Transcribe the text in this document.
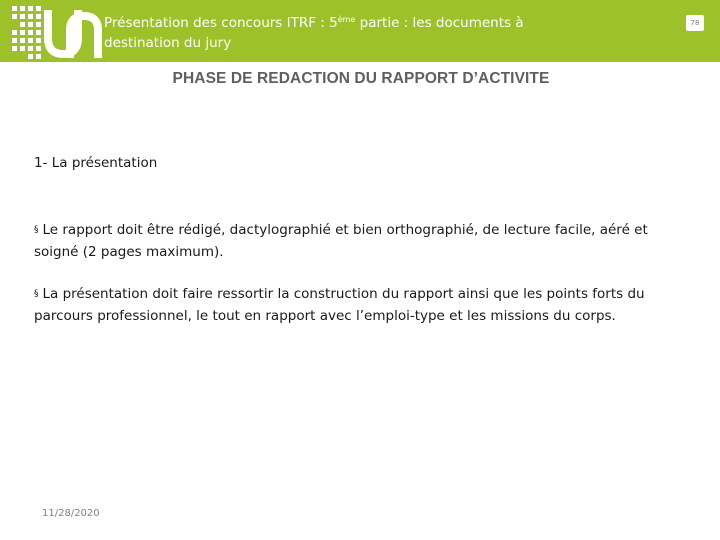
Présentation des concours ITRF : 5ème partie : les documents à destination du jury
78
PHASE DE REDACTION DU RAPPORT D’ACTIVITE
1- La présentation
§ Le rapport doit être rédigé, dactylographié et bien orthographié, de lecture facile, aéré et soigné (2 pages maximum).
§ La présentation doit faire ressortir la construction du rapport ainsi que les points forts du parcours professionnel, le tout en rapport avec l’emploi-type et les missions du corps.
11/28/2020
